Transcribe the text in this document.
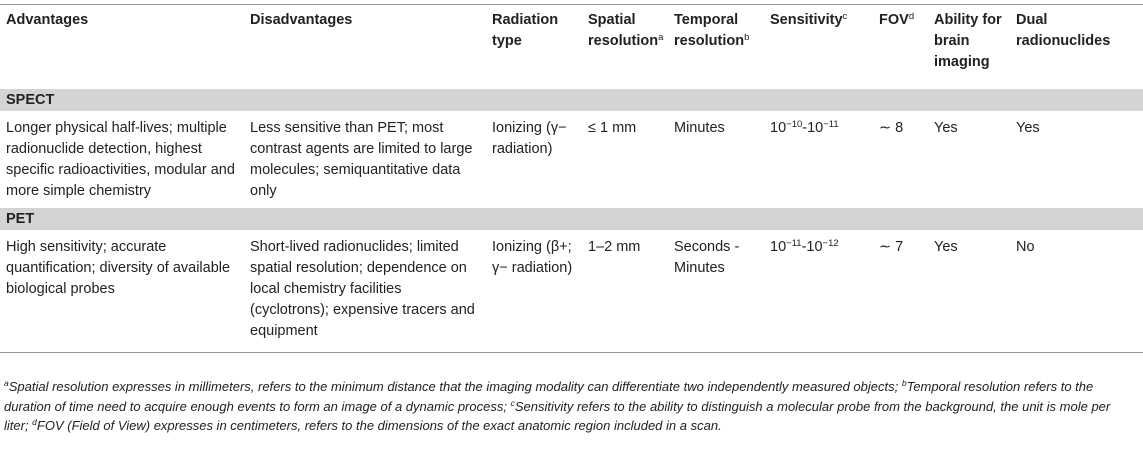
Advantages	Disadvantages	Radiation type	Spatial resolution$^a$	Temporal resolution$^b$	Sensitivity$^c$	FOV$^d$	Ability for brain imaging	Dual radionuclides
SPECT								
Longer physical half-lives; multiple radionuclide detection, highest specific radioactivities, modular and more simple chemistry	Less sensitive than PET; most contrast agents are limited to large molecules; semiquantitative data only	Ionizing (γ− radiation)	≤ 1 mm	Minutes	$10^{-10}-10^{-11}$	∼ 8	Yes	Yes
PET								
High sensitivity; accurate quantification; diversity of available biological probes	Short-lived radionuclides; limited spatial resolution; dependence on local chemistry facilities (cyclotrons); expensive tracers and equipment	Ionizing (β+; γ− radiation)	1–2 mm	Seconds - Minutes	$10^{-11}-10^{-12}$	∼ 7	Yes	No
$^a$Spatial resolution expresses in millimeters, refers to the minimum distance that the imaging modality can differentiate two independently measured objects; $^b$Temporal resolution refers to the duration of time need to acquire enough events to form an image of a dynamic process; $^c$Sensitivity refers to the ability to distinguish a molecular probe from the background, the unit is mole per liter; $^d$FOV (Field of View) expresses in centimeters, refers to the dimensions of the exact anatomic region included in a scan.
